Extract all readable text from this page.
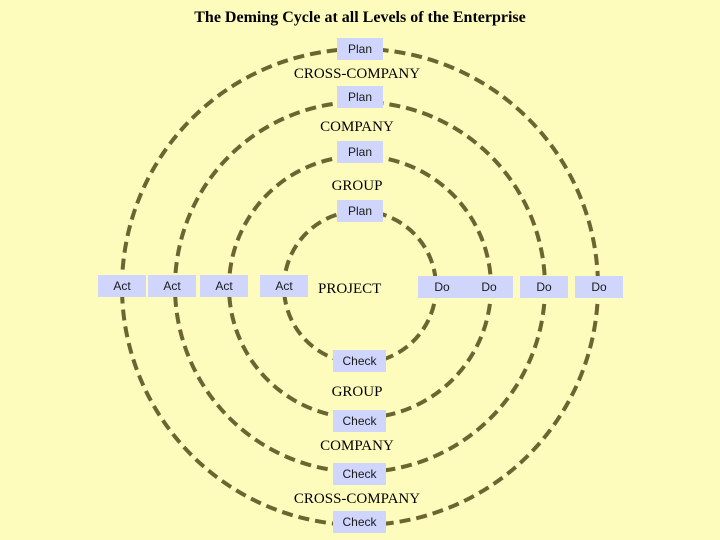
The Deming Cycle at all Levels of the Enterprise
Plan
Plan
Plan
Plan
CROSS-COMPANY
COMPANY
GROUP
PROJECT
Act	Act	Act	Act	Do	Do	Do	Do
Check
GROUP
Check
COMPANY
Check
CROSS-COMPANY
Check
